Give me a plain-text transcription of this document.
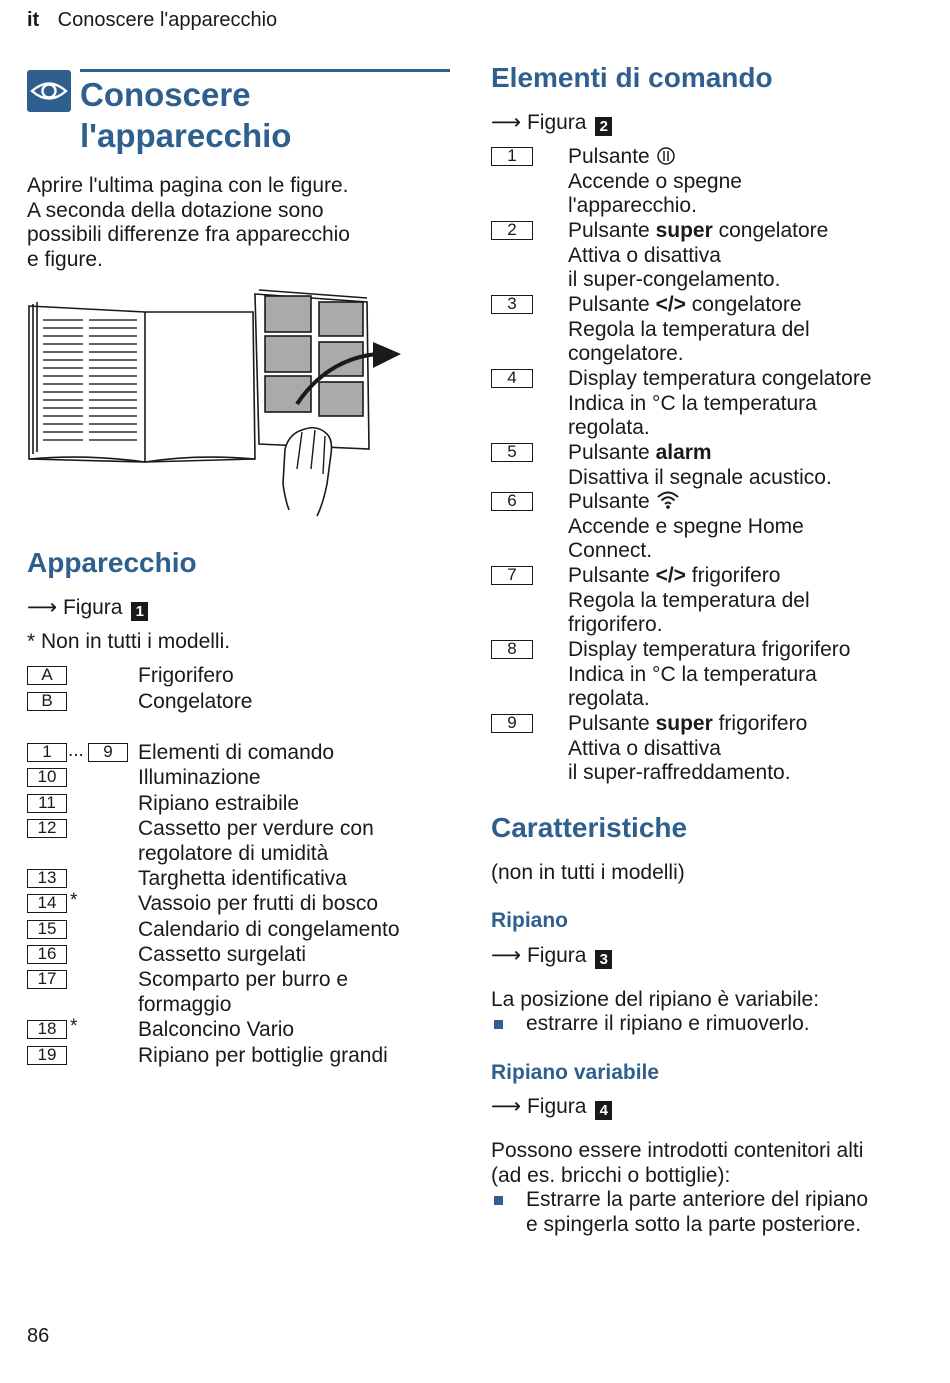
it Conoscere l'apparecchio
Conoscere l'apparecchio
Aprire l'ultima pagina con le figure.
A seconda della dotazione sono
possibili differenze fra apparecchio
e figure.
Apparecchio
⟶ Figura 1
* Non in tutti i modelli.
A	Frigorifero
B	Congelatore
1 ...	9	Elementi di comando
10	Illuminazione
11	Ripiano estraibile
12	Cassetto per verdure con
regolatore di umidità
13	Targhetta identificativa
14 *	Vassoio per frutti di bosco
15	Calendario di congelamento
16	Cassetto surgelati
17	Scomparto per burro e
formaggio
18 *	Balconcino Vario
19	Ripiano per bottiglie grandi
Elementi di comando
⟶ Figura 2
1	Pulsante
Accende o spegne
l'apparecchio.
2	Pulsante super congelatore
Attiva o disattiva
il super-congelamento.
3	Pulsante </> congelatore
Regola la temperatura del
congelatore.
4	Display temperatura congelatore
Indica in °C la temperatura
regolata.
5	Pulsante alarm
Disattiva il segnale acustico.
6	Pulsante
Accende e spegne Home
Connect.
7	Pulsante </> frigorifero
Regola la temperatura del
frigorifero.
8	Display temperatura frigorifero
Indica in °C la temperatura
regolata.
9	Pulsante super frigorifero
Attiva o disattiva
il super-raffreddamento.
Caratteristiche
(non in tutti i modelli)
Ripiano
⟶ Figura 3
La posizione del ripiano è variabile:
estrarre il ripiano e rimuoverlo.
Ripiano variabile
⟶ Figura 4
Possono essere introdotti contenitori alti
(ad es. bricchi o bottiglie):
Estrarre la parte anteriore del ripiano
e spingerla sotto la parte posteriore.
86
